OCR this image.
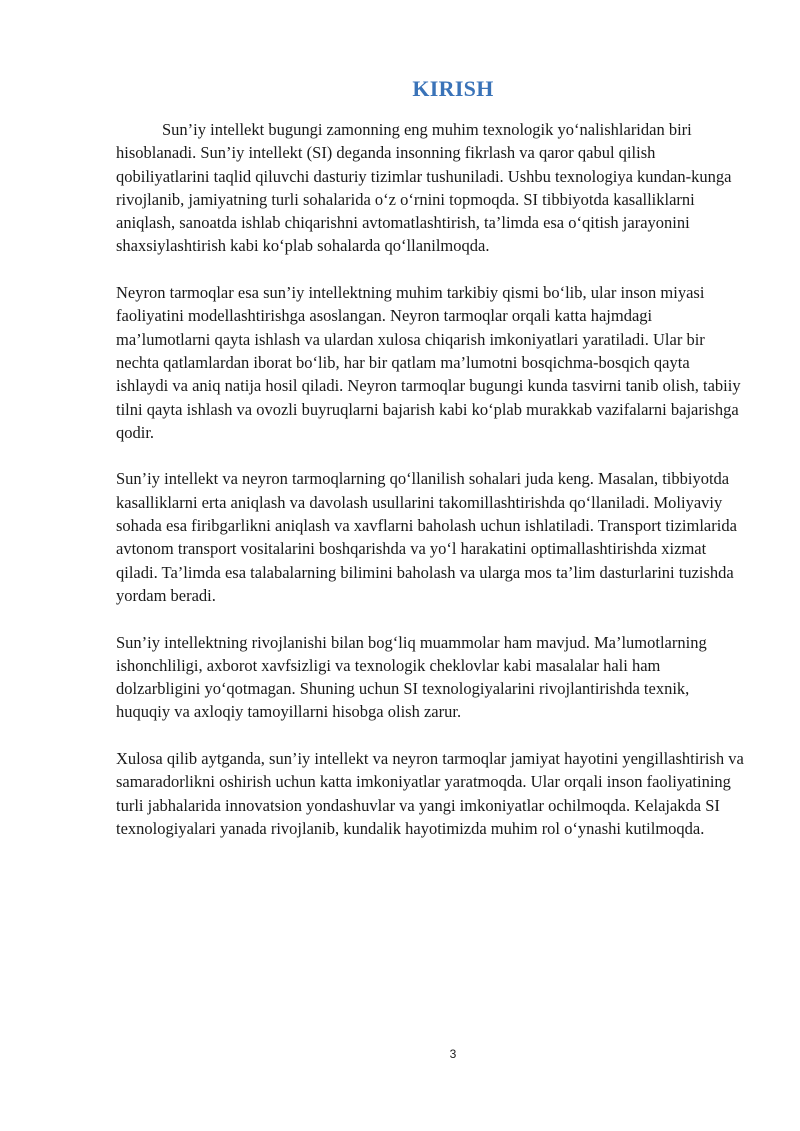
KIRISH

Sun’iy intellekt bugungi zamonning eng muhim texnologik yo‘nalishlaridan biri hisoblanadi. Sun’iy intellekt (SI) deganda insonning fikrlash va qaror qabul qilish qobiliyatlarini taqlid qiluvchi dasturiy tizimlar tushuniladi. Ushbu texnologiya kundan-kunga rivojlanib, jamiyatning turli sohalarida o‘z o‘rnini topmoqda. SI tibbiyotda kasalliklarni aniqlash, sanoatda ishlab chiqarishni avtomatlashtirish, ta’limda esa o‘qitish jarayonini shaxsiylashtirish kabi ko‘plab sohalarda qo‘llanilmoqda.

Neyron tarmoqlar esa sun’iy intellektning muhim tarkibiy qismi bo‘lib, ular inson miyasi faoliyatini modellashtirishga asoslangan. Neyron tarmoqlar orqali katta hajmdagi ma’lumotlarni qayta ishlash va ulardan xulosa chiqarish imkoniyatlari yaratiladi. Ular bir nechta qatlamlardan iborat bo‘lib, har bir qatlam ma’lumotni bosqichma-bosqich qayta ishlaydi va aniq natija hosil qiladi. Neyron tarmoqlar bugungi kunda tasvirni tanib olish, tabiiy tilni qayta ishlash va ovozli buyruqlarni bajarish kabi ko‘plab murakkab vazifalarni bajarishga qodir.

Sun’iy intellekt va neyron tarmoqlarning qo‘llanilish sohalari juda keng. Masalan, tibbiyotda kasalliklarni erta aniqlash va davolash usullarini takomillashtirishda qo‘llaniladi. Moliyaviy sohada esa firibgarlikni aniqlash va xavflarni baholash uchun ishlatiladi. Transport tizimlarida avtonom transport vositalarini boshqarishda va yo‘l harakatini optimallashtirishda xizmat qiladi. Ta’limda esa talabalarning bilimini baholash va ularga mos ta’lim dasturlarini tuzishda yordam beradi.

Sun’iy intellektning rivojlanishi bilan bog‘liq muammolar ham mavjud. Ma’lumotlarning ishonchliligi, axborot xavfsizligi va texnologik cheklovlar kabi masalalar hali ham dolzarbligini yo‘qotmagan. Shuning uchun SI texnologiyalarini rivojlantirishda texnik, huquqiy va axloqiy tamoyillarni hisobga olish zarur.

Xulosa qilib aytganda, sun’iy intellekt va neyron tarmoqlar jamiyat hayotini yengillashtirish va samaradorlikni oshirish uchun katta imkoniyatlar yaratmoqda. Ular orqali inson faoliyatining turli jabhalarida innovatsion yondashuvlar va yangi imkoniyatlar ochilmoqda. Kelajakda SI texnologiyalari yanada rivojlanib, kundalik hayotimizda muhim rol o‘ynashi kutilmoqda.

3
